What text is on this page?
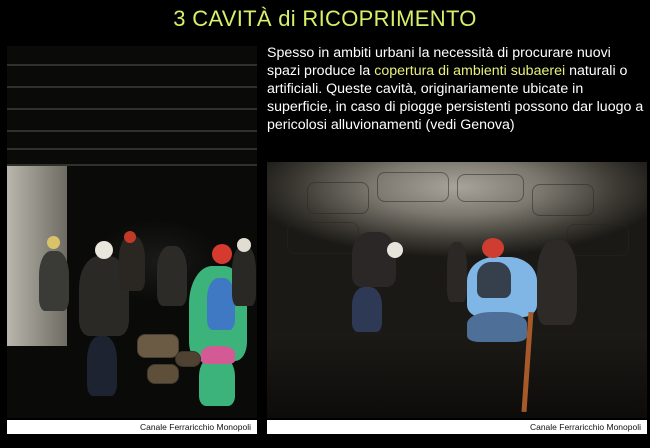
3 CAVITÀ di RICOPRIMENTO
Spesso in ambiti urbani la necessità di procurare nuovi spazi produce la copertura di ambienti subaerei naturali o artificiali. Queste cavità, originariamente ubicate in superficie, in caso di piogge persistenti possono dar luogo a pericolosi alluvionamenti (vedi Genova)
Canale Ferraricchio Monopoli	Canale Ferraricchio Monopoli
